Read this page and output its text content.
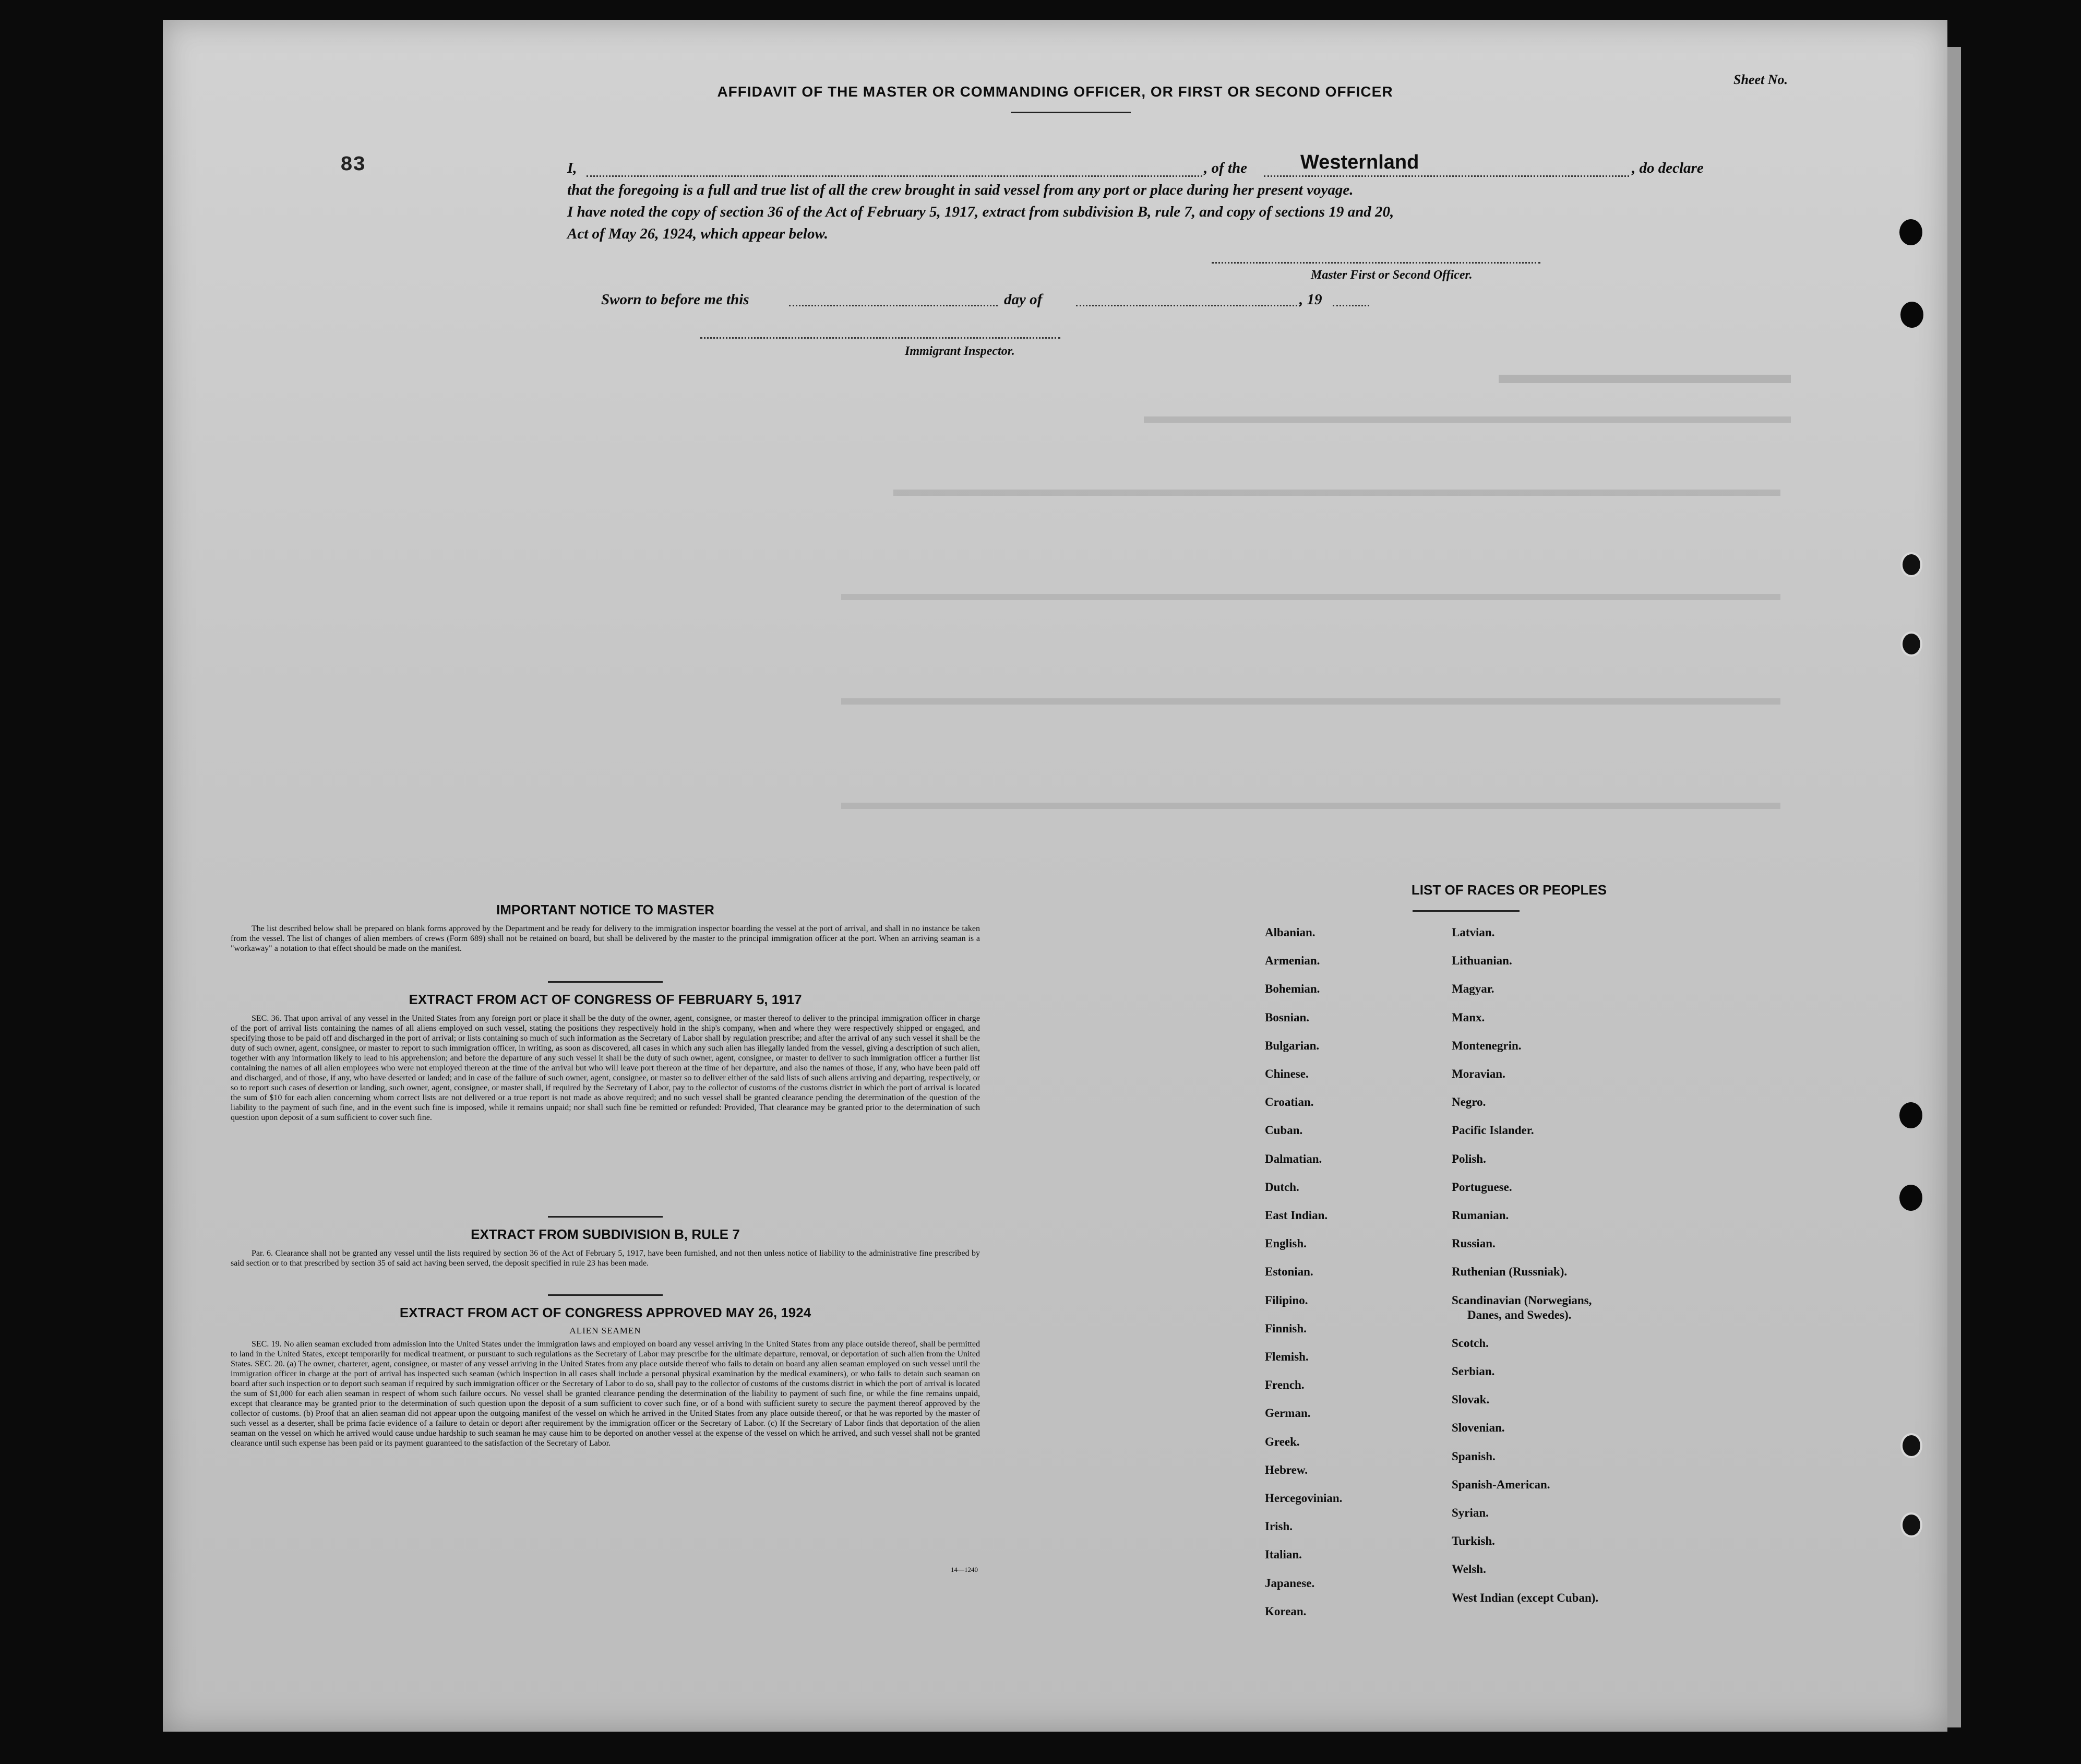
AFFIDAVIT OF THE MASTER OR COMMANDING OFFICER, OR FIRST OR SECOND OFFICER
I,	, of the	Westernland	, do declare
that the foregoing is a full and true list of all the crew brought in said vessel from any port or place during her present voyage.
I have noted the copy of section 36 of the Act of February 5, 1917, extract from subdivision B, rule 7, and copy of sections 19 and 20,
Act of May 26, 1924, which appear below.
Master First or Second Officer.
Sworn to before me this	day of	, 19
Immigrant Inspector.
Sheet No.
83
IMPORTANT NOTICE TO MASTER
The list described below shall be prepared on blank forms approved by the Department and be ready for delivery to the immigration inspector boarding the vessel at the port of arrival, and shall in no instance be taken from the vessel. The list of changes of alien members of crews (Form 689) shall not be retained on board, but shall be delivered by the master to the principal immigration officer at the port. When an arriving seaman is a "workaway" a notation to that effect should be made on the manifest.
EXTRACT FROM ACT OF CONGRESS OF FEBRUARY 5, 1917
SEC. 36. That upon arrival of any vessel in the United States from any foreign port or place it shall be the duty of the owner, agent, consignee, or master thereof to deliver to the principal immigration officer in charge of the port of arrival lists containing the names of all aliens employed on such vessel, stating the positions they respectively hold in the ship's company, when and where they were respectively shipped or engaged, and specifying those to be paid off and discharged in the port of arrival; or lists containing so much of such information as the Secretary of Labor shall by regulation prescribe; and after the arrival of any such vessel it shall be the duty of such owner, agent, consignee, or master to report to such immigration officer, in writing, as soon as discovered, all cases in which any such alien has illegally landed from the vessel, giving a description of such alien, together with any information likely to lead to his apprehension; and before the departure of any such vessel it shall be the duty of such owner, agent, consignee, or master to deliver to such immigration officer a further list containing the names of all alien employees who were not employed thereon at the time of the arrival but who will leave port thereon at the time of her departure, and also the names of those, if any, who have been paid off and discharged, and of those, if any, who have deserted or landed; and in case of the failure of such owner, agent, consignee, or master so to deliver either of the said lists of such aliens arriving and departing, respectively, or so to report such cases of desertion or landing, such owner, agent, consignee, or master shall, if required by the Secretary of Labor, pay to the collector of customs of the customs district in which the port of arrival is located the sum of $10 for each alien concerning whom correct lists are not delivered or a true report is not made as above required; and no such vessel shall be granted clearance pending the determination of the question of the liability to the payment of such fine, and in the event such fine is imposed, while it remains unpaid; nor shall such fine be remitted or refunded: Provided, That clearance may be granted prior to the determination of such question upon deposit of a sum sufficient to cover such fine.
EXTRACT FROM SUBDIVISION B, RULE 7
Par. 6. Clearance shall not be granted any vessel until the lists required by section 36 of the Act of February 5, 1917, have been furnished, and not then unless notice of liability to the administrative fine prescribed by said section or to that prescribed by section 35 of said act having been served, the deposit specified in rule 23 has been made.
EXTRACT FROM ACT OF CONGRESS APPROVED MAY 26, 1924
ALIEN SEAMEN
SEC. 19. No alien seaman excluded from admission into the United States under the immigration laws and employed on board any vessel arriving in the United States from any place outside thereof, shall be permitted to land in the United States, except temporarily for medical treatment, or pursuant to such regulations as the Secretary of Labor may prescribe for the ultimate departure, removal, or deportation of such alien from the United States. SEC. 20. (a) The owner, charterer, agent, consignee, or master of any vessel arriving in the United States from any place outside thereof who fails to detain on board any alien seaman employed on such vessel until the immigration officer in charge at the port of arrival has inspected such seaman (which inspection in all cases shall include a personal physical examination by the medical examiners), or who fails to detain such seaman on board after such inspection or to deport such seaman if required by such immigration officer or the Secretary of Labor to do so, shall pay to the collector of customs of the customs district in which the port of arrival is located the sum of $1,000 for each alien seaman in respect of whom such failure occurs. No vessel shall be granted clearance pending the determination of the liability to payment of such fine, or while the fine remains unpaid, except that clearance may be granted prior to the determination of such question upon the deposit of a sum sufficient to cover such fine, or of a bond with sufficient surety to secure the payment thereof approved by the collector of customs. (b) Proof that an alien seaman did not appear upon the outgoing manifest of the vessel on which he arrived in the United States from any place outside thereof, or that he was reported by the master of such vessel as a deserter, shall be prima facie evidence of a failure to detain or deport after requirement by the immigration officer or the Secretary of Labor. (c) If the Secretary of Labor finds that deportation of the alien seaman on the vessel on which he arrived would cause undue hardship to such seaman he may cause him to be deported on another vessel at the expense of the vessel on which he arrived, and such vessel shall not be granted clearance until such expense has been paid or its payment guaranteed to the satisfaction of the Secretary of Labor.
14—1240
LIST OF RACES OR PEOPLES
Albanian.
Armenian.
Bohemian.
Bosnian.
Bulgarian.
Chinese.
Croatian.
Cuban.
Dalmatian.
Dutch.
East Indian.
English.
Estonian.
Filipino.
Finnish.
Flemish.
French.
German.
Greek.
Hebrew.
Hercegovinian.
Irish.
Italian.
Japanese.
Korean.
Latvian.
Lithuanian.
Magyar.
Manx.
Montenegrin.
Moravian.
Negro.
Pacific Islander.
Polish.
Portuguese.
Rumanian.
Russian.
Ruthenian (Russniak).
Scandinavian (Norwegians,
Danes, and Swedes).
Scotch.
Serbian.
Slovak.
Slovenian.
Spanish.
Spanish-American.
Syrian.
Turkish.
Welsh.
West Indian (except Cuban).
